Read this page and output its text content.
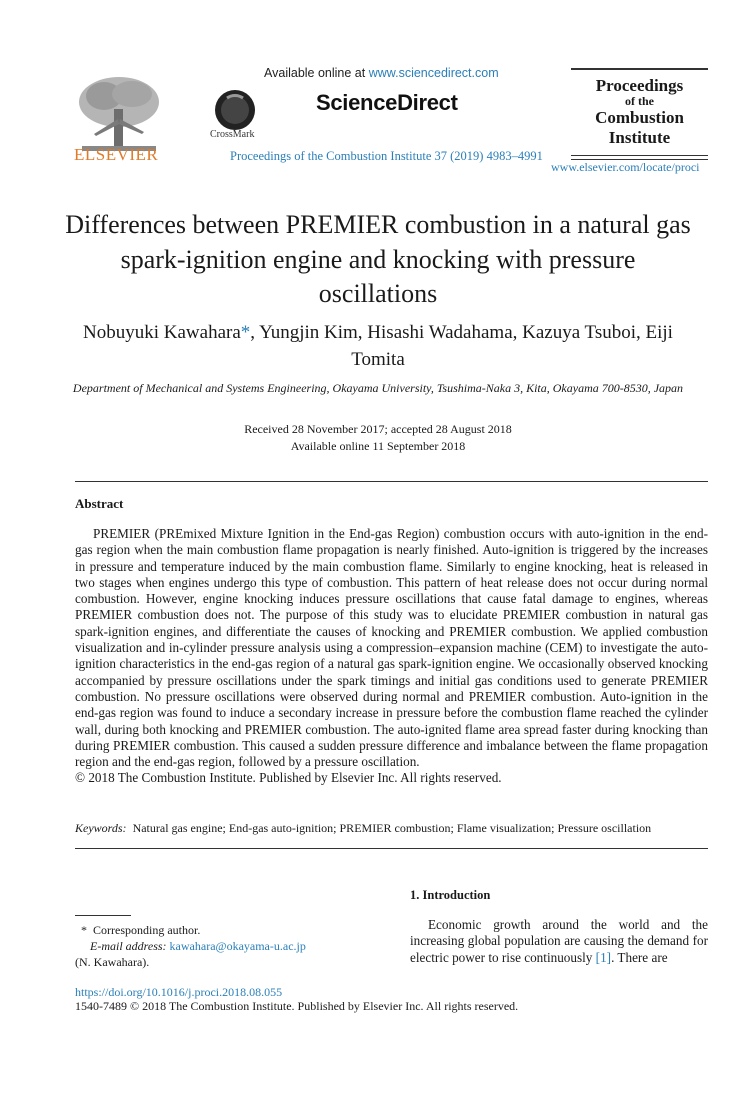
ELSEVIER
Available online at www.sciencedirect.com
CrossMark
ScienceDirect
Proceedings of the Combustion Institute 37 (2019) 4983–4991
Proceedings
of the
Combustion
Institute
www.elsevier.com/locate/proci
Differences between PREMIER combustion in a natural gas spark-ignition engine and knocking with pressure oscillations
Nobuyuki Kawahara*, Yungjin Kim, Hisashi Wadahama, Kazuya Tsuboi, Eiji Tomita
Department of Mechanical and Systems Engineering, Okayama University, Tsushima-Naka 3, Kita, Okayama 700-8530, Japan
Received 28 November 2017; accepted 28 August 2018
Available online 11 September 2018
Abstract

PREMIER (PREmixed Mixture Ignition in the End-gas Region) combustion occurs with auto-ignition in the end-gas region when the main combustion flame propagation is nearly finished. Auto-ignition is triggered by the increases in pressure and temperature induced by the main combustion flame. Similarly to engine knocking, heat is released in two stages when engines undergo this type of combustion. This pattern of heat release does not occur during normal combustion. However, engine knocking induces pressure oscillations that cause fatal damage to engines, whereas PREMIER combustion does not. The purpose of this study was to elucidate PREMIER combustion in natural gas spark-ignition engines, and differentiate the causes of knocking and PREMIER combustion. We applied combustion visualization and in-cylinder pressure analysis using a compression–expansion machine (CEM) to investigate the auto-ignition characteristics in the end-gas region of a natural gas spark-ignition engine. We occasionally observed knocking accompanied by pressure oscillations under the spark timings and initial gas conditions used to generate PREMIER combustion. No pressure oscillations were observed during normal and PREMIER combustion. Auto-ignition in the end-gas region was found to induce a secondary increase in pressure before the combustion flame reached the cylinder wall, during both knocking and PREMIER combustion. The auto-ignited flame area spread faster during knocking than during PREMIER combustion. This caused a sudden pressure difference and imbalance between the flame propagation region and the end-gas region, followed by a pressure oscillation.

© 2018 The Combustion Institute. Published by Elsevier Inc. All rights reserved.

Keywords: Natural gas engine; End-gas auto-ignition; PREMIER combustion; Flame visualization; Pressure oscillation
* Corresponding author.
E-mail address: kawahara@okayama-u.ac.jp
(N. Kawahara).
1. Introduction

Economic growth around the world and the increasing global population are causing the demand for electric power to rise continuously [1]. There are

https://doi.org/10.1016/j.proci.2018.08.055
1540-7489 © 2018 The Combustion Institute. Published by Elsevier Inc. All rights reserved.
